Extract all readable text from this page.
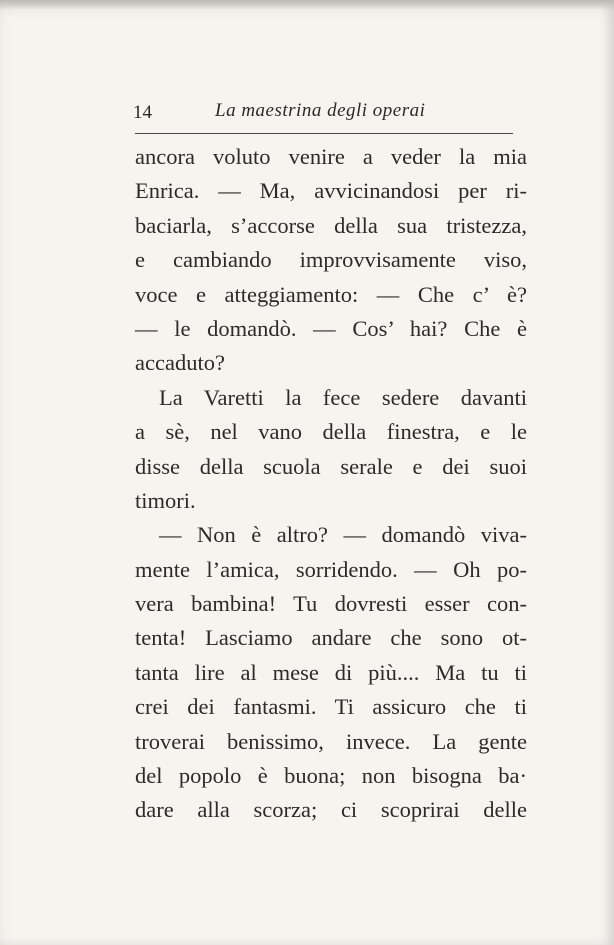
14	La maestrina degli operai
ancora voluto venire a veder la mia
Enrica. — Ma, avvicinandosi per ri-
baciarla, s’accorse della sua tristezza,
e cambiando improvvisamente viso,
voce e atteggiamento: — Che c’ è?
— le domandò. — Cos’ hai? Che è
accaduto?
La Varetti la fece sedere davanti
a sè, nel vano della finestra, e le
disse della scuola serale e dei suoi
timori.
— Non è altro? — domandò viva-
mente l’amica, sorridendo. — Oh po-
vera bambina! Tu dovresti esser con-
tenta! Lasciamo andare che sono ot-
tanta lire al mese di più.... Ma tu ti
crei dei fantasmi. Ti assicuro che ti
troverai benissimo, invece. La gente
del popolo è buona; non bisogna ba·
dare alla scorza; ci scoprirai delle
